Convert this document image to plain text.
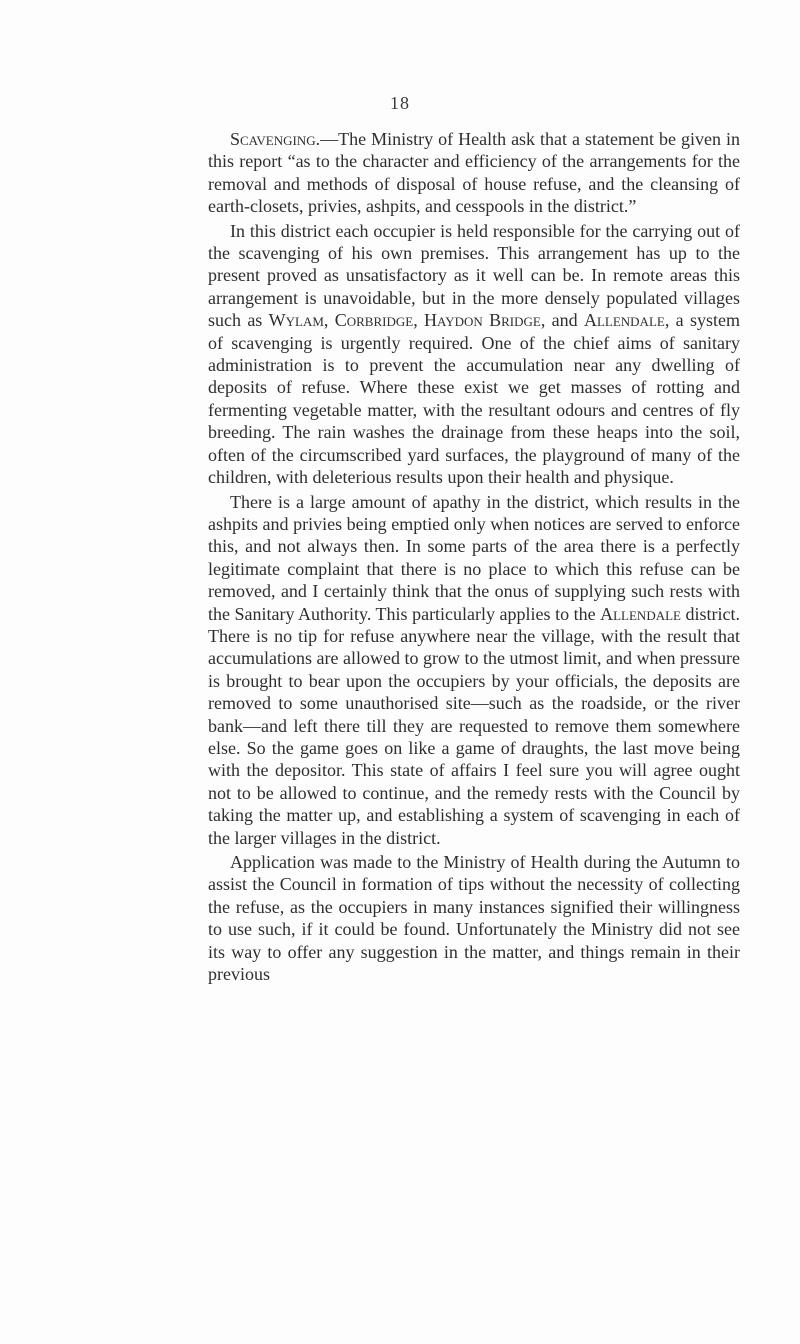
18

Scavenging.—The Ministry of Health ask that a statement be given in this report “as to the character and efficiency of the arrangements for the removal and methods of disposal of house refuse, and the cleansing of earth-closets, privies, ashpits, and cesspools in the district.”

In this district each occupier is held responsible for the carrying out of the scavenging of his own premises. This arrangement has up to the present proved as unsatisfactory as it well can be. In remote areas this arrangement is unavoidable, but in the more densely populated villages such as Wylam, Corbridge, Haydon Bridge, and Allendale, a system of scavenging is urgently required. One of the chief aims of sanitary administration is to prevent the accumulation near any dwelling of deposits of refuse. Where these exist we get masses of rotting and fermenting vegetable matter, with the resultant odours and centres of fly breeding. The rain washes the drainage from these heaps into the soil, often of the circumscribed yard surfaces, the playground of many of the children, with deleterious results upon their health and physique.

There is a large amount of apathy in the district, which results in the ashpits and privies being emptied only when notices are served to enforce this, and not always then. In some parts of the area there is a perfectly legitimate complaint that there is no place to which this refuse can be removed, and I certainly think that the onus of supplying such rests with the Sanitary Authority. This particularly applies to the Allendale district. There is no tip for refuse anywhere near the village, with the result that accumulations are allowed to grow to the utmost limit, and when pressure is brought to bear upon the occupiers by your officials, the deposits are removed to some unauthorised site—such as the roadside, or the river bank—and left there till they are requested to remove them somewhere else. So the game goes on like a game of draughts, the last move being with the depositor. This state of affairs I feel sure you will agree ought not to be allowed to continue, and the remedy rests with the Council by taking the matter up, and establishing a system of scavenging in each of the larger villages in the district.

Application was made to the Ministry of Health during the Autumn to assist the Council in formation of tips without the necessity of collecting the refuse, as the occupiers in many instances signified their willingness to use such, if it could be found. Unfortunately the Ministry did not see its way to offer any suggestion in the matter, and things remain in their previous
